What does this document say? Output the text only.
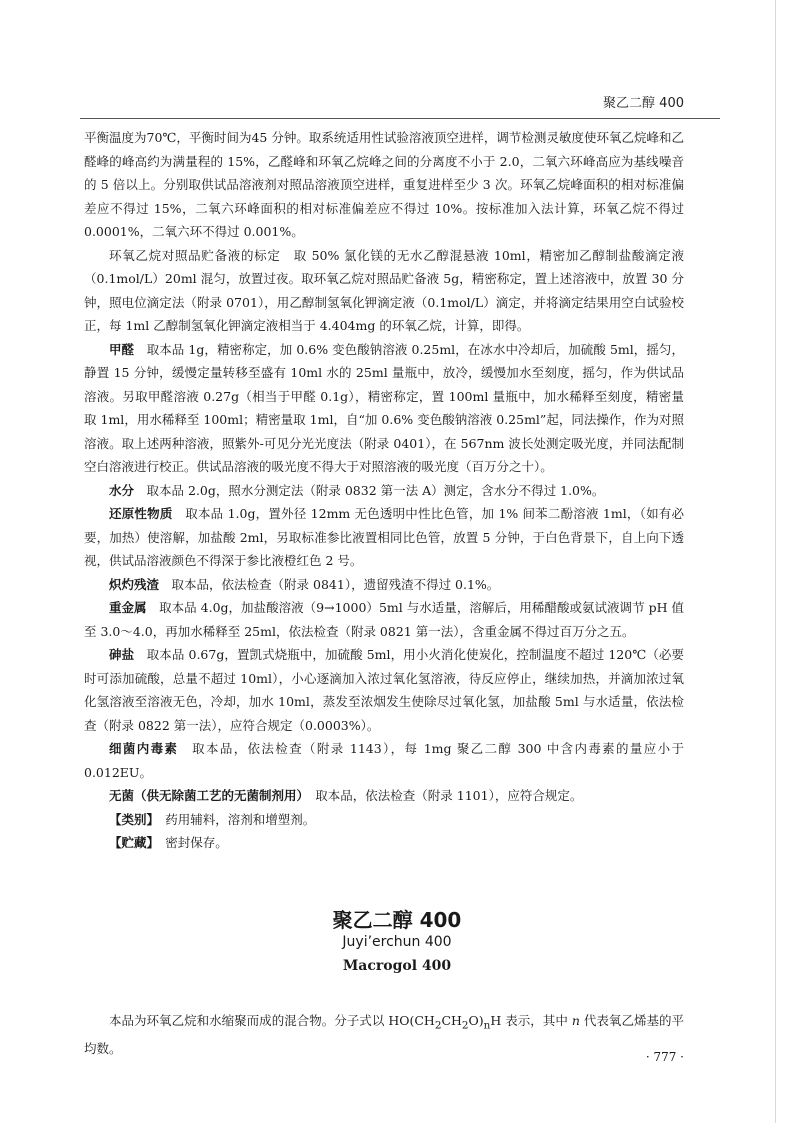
聚乙二醇 400

平衡温度为70℃，平衡时间为45 分钟。取系统适用性试验溶液顶空进样，调节检测灵敏度使环氧乙烷峰和乙醛峰的峰高约为满量程的 15%，乙醛峰和环氧乙烷峰之间的分离度不小于 2.0，二氧六环峰高应为基线噪音的 5 倍以上。分别取供试品溶液剂对照品溶液顶空进样，重复进样至少 3 次。环氧乙烷峰面积的相对标准偏差应不得过 15%，二氧六环峰面积的相对标准偏差应不得过 10%。按标准加入法计算，环氧乙烷不得过 0.0001%，二氧六环不得过 0.001%。

环氧乙烷对照品贮备液的标定　取 50% 氯化镁的无水乙醇混悬液 10ml，精密加乙醇制盐酸滴定液（0.1mol/L）20ml 混匀，放置过夜。取环氧乙烷对照品贮备液 5g，精密称定，置上述溶液中，放置 30 分钟，照电位滴定法（附录 0701），用乙醇制氢氧化钾滴定液（0.1mol/L）滴定，并将滴定结果用空白试验校正，每 1ml 乙醇制氢氧化钾滴定液相当于 4.404mg 的环氧乙烷，计算，即得。

甲醛　 取本品 1g，精密称定，加 0.6% 变色酸钠溶液 0.25ml，在冰水中冷却后，加硫酸 5ml，摇匀，静置 15 分钟，缓慢定量转移至盛有 10ml 水的 25ml 量瓶中，放冷，缓慢加水至刻度，摇匀，作为供试品溶液。另取甲醛溶液 0.27g（相当于甲醛 0.1g），精密称定，置 100ml 量瓶中，加水稀释至刻度，精密量取 1ml，用水稀释至 100ml；精密量取 1ml，自“加 0.6% 变色酸钠溶液 0.25ml”起，同法操作，作为对照溶液。取上述两种溶液，照紫外-可见分光光度法（附录 0401），在 567nm 波长处测定吸光度，并同法配制空白溶液进行校正。供试品溶液的吸光度不得大于对照溶液的吸光度（百万分之十）。

水分　 取本品 2.0g，照水分测定法（附录 0832 第一法 A）测定，含水分不得过 1.0%。

还原性物质　 取本品 1.0g，置外径 12mm 无色透明中性比色管，加 1% 间苯二酚溶液 1ml，（如有必要，加热）使溶解，加盐酸 2ml，另取标准参比液置相同比色管，放置 5 分钟，于白色背景下，自上向下透视，供试品溶液颜色不得深于参比液橙红色 2 号。

炽灼残渣　 取本品，依法检查（附录 0841），遗留残渣不得过 0.1%。

重金属　 取本品 4.0g，加盐酸溶液（9→1000）5ml 与水适量，溶解后，用稀醋酸或氨试液调节 pH 值至 3.0～4.0，再加水稀释至 25ml，依法检查（附录 0821 第一法），含重金属不得过百万分之五。

砷盐　 取本品 0.67g，置凯式烧瓶中，加硫酸 5ml，用小火消化使炭化，控制温度不超过 120℃（必要时可添加硫酸，总量不超过 10ml），小心逐滴加入浓过氧化氢溶液，待反应停止，继续加热，并滴加浓过氧化氢溶液至溶液无色，冷却，加水 10ml，蒸发至浓烟发生使除尽过氧化氢，加盐酸 5ml 与水适量，依法检查（附录 0822 第一法），应符合规定（0.0003%）。

细菌内毒素　 取本品，依法检查（附录 1143），每 1mg 聚乙二醇 300 中含内毒素的量应小于 0.012EU。

无菌（供无除菌工艺的无菌制剂用）　 取本品，依法检查（附录 1101），应符合规定。

【类别】　 药用辅料，溶剂和增塑剂。

【贮藏】　 密封保存。

聚乙二醇 400
Juyi’erchun 400
Macrogol 400

本品为环氧乙烷和水缩聚而成的混合物。分子式以 $HO(CH_2CH_2O)_nH$ 表示，其中 n 代表氧乙烯基的平均数。

· 777 ·
